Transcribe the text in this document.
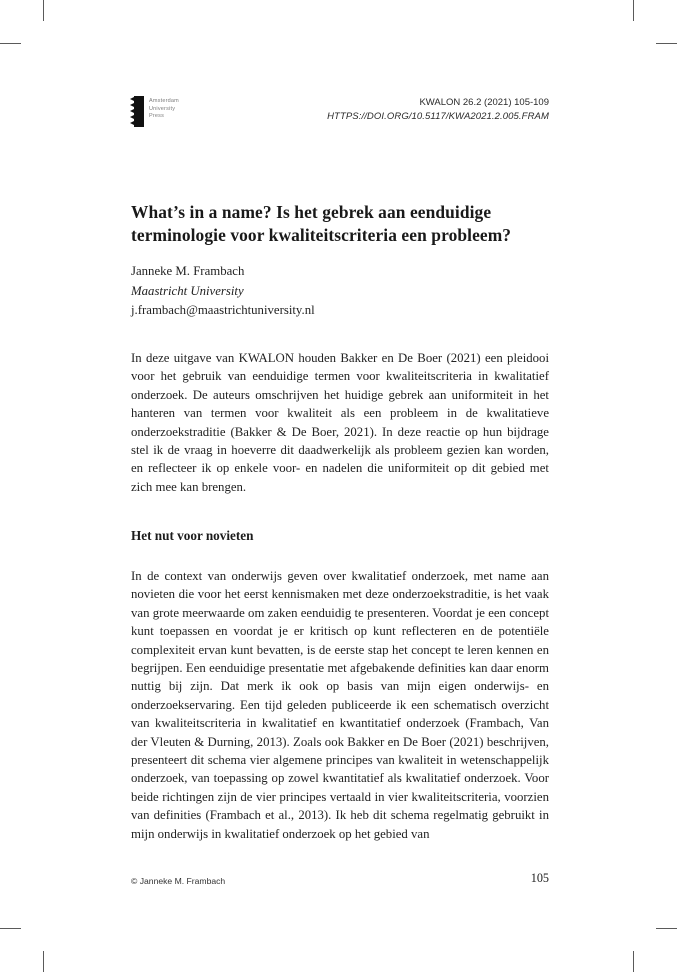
Amsterdam
University
Press
KWALON 26.2 (2021) 105-109
HTTPS://DOI.ORG/10.5117/KWA2021.2.005.FRAM
What’s in a name? Is het gebrek aan eenduidige terminologie voor kwaliteitscriteria een probleem?
Janneke M. Frambach
Maastricht University
j.frambach@maastrichtuniversity.nl

In deze uitgave van KWALON houden Bakker en De Boer (2021) een pleidooi voor het gebruik van eenduidige termen voor kwaliteitscriteria in kwalitatief onderzoek. De auteurs omschrijven het huidige gebrek aan uniformiteit in het hanteren van termen voor kwaliteit als een probleem in de kwalitatieve onderzoekstraditie (Bakker & De Boer, 2021). In deze reactie op hun bijdrage stel ik de vraag in hoeverre dit daadwerkelijk als probleem gezien kan worden, en reflecteer ik op enkele voor- en nadelen die uniformiteit op dit gebied met zich mee kan brengen.

Het nut voor novieten

In de context van onderwijs geven over kwalitatief onderzoek, met name aan novieten die voor het eerst kennismaken met deze onderzoekstraditie, is het vaak van grote meerwaarde om zaken eenduidig te presenteren. Voordat je een concept kunt toepassen en voordat je er kritisch op kunt reflecteren en de potentiële complexiteit ervan kunt bevatten, is de eerste stap het concept te leren kennen en begrijpen. Een eenduidige presentatie met afgebakende definities kan daar enorm nuttig bij zijn. Dat merk ik ook op basis van mijn eigen onderwijs- en onderzoekservaring. Een tijd geleden publiceerde ik een schematisch overzicht van kwaliteitscriteria in kwalitatief en kwantitatief onderzoek (Frambach, Van der Vleuten & Durning, 2013). Zoals ook Bakker en De Boer (2021) beschrijven, presenteert dit schema vier algemene principes van kwaliteit in wetenschappelijk onderzoek, van toepassing op zowel kwantitatief als kwalitatief onderzoek. Voor beide richtingen zijn de vier principes vertaald in vier kwaliteitscriteria, voorzien van definities (Frambach et al., 2013). Ik heb dit schema regelmatig gebruikt in mijn onderwijs in kwalitatief onderzoek op het gebied van

© Janneke M. Frambach	105
